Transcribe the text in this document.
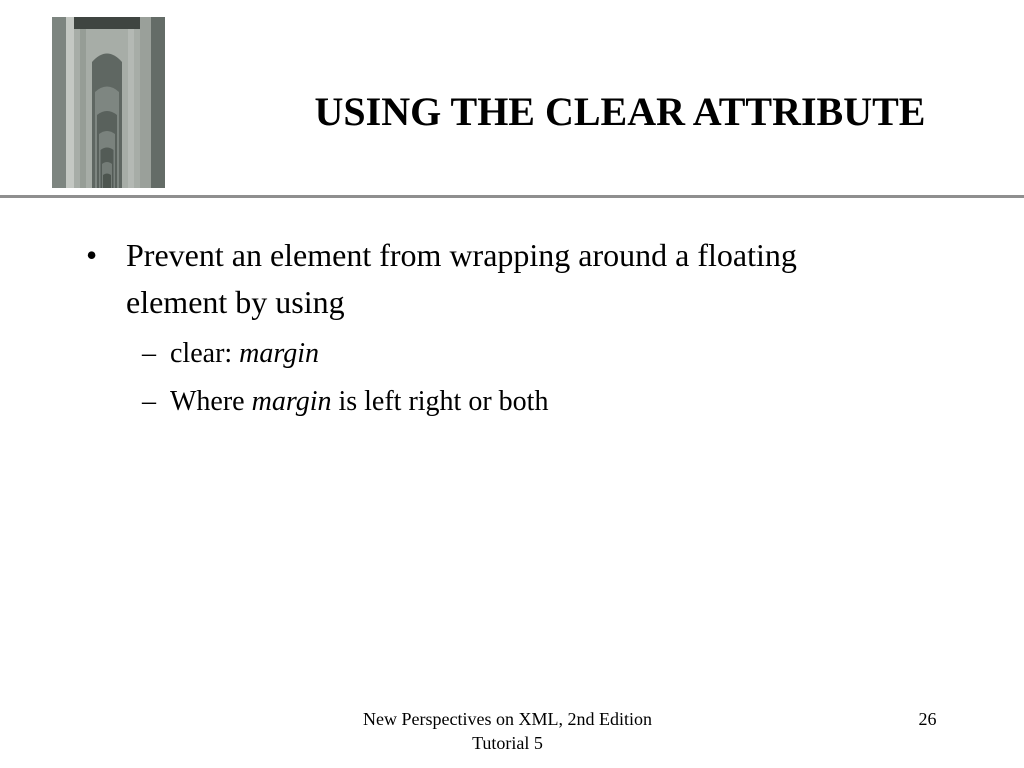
USING THE CLEAR ATTRIBUTE
• Prevent an element from wrapping around a floating element by using
– clear: margin
– Where margin is left right or both
New Perspectives on XML, 2nd Edition
Tutorial 5
26
